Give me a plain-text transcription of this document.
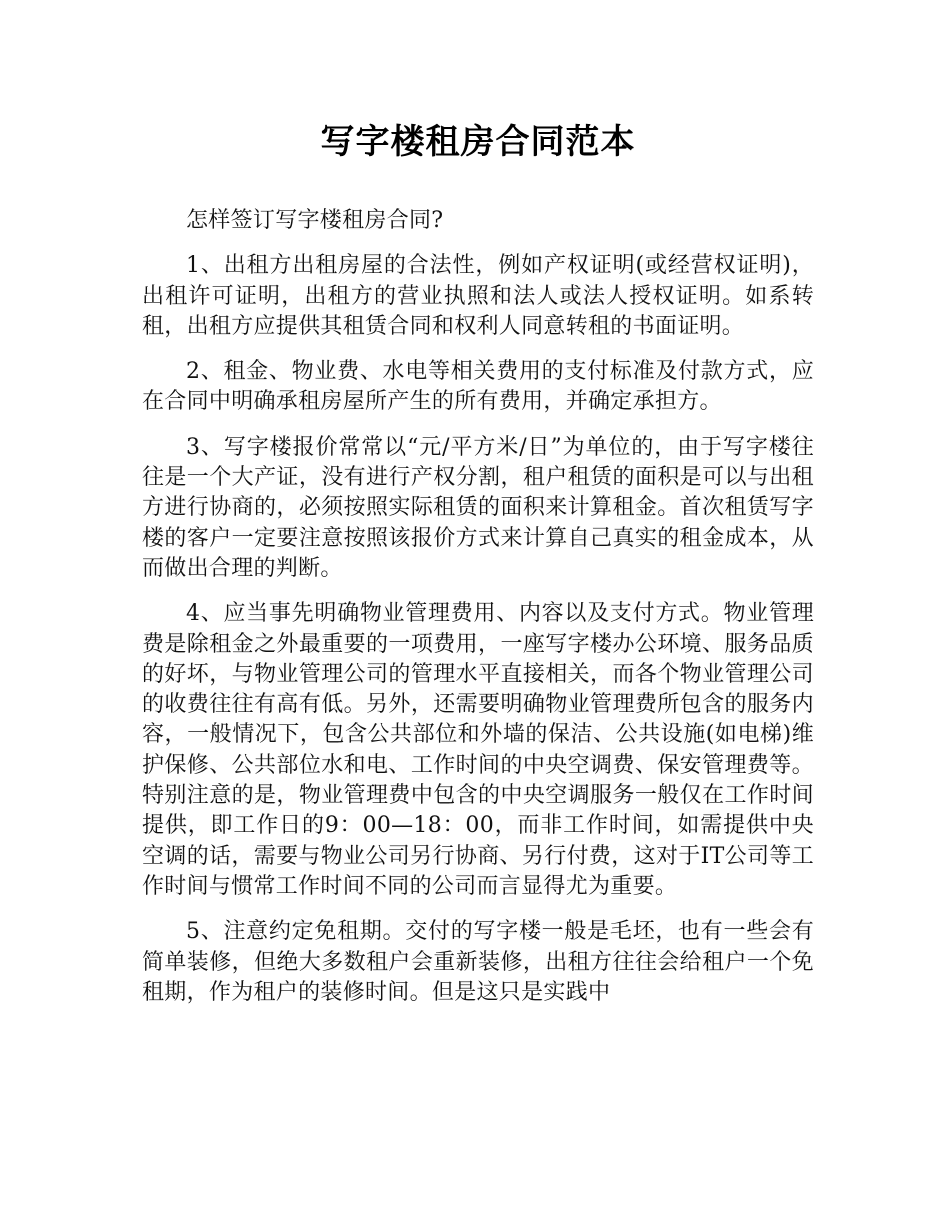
写字楼租房合同范本

怎样签订写字楼租房合同?

1、出租方出租房屋的合法性，例如产权证明(或经营权证明)，出租许可证明，出租方的营业执照和法人或法人授权证明。如系转租，出租方应提供其租赁合同和权利人同意转租的书面证明。

2、租金、物业费、水电等相关费用的支付标准及付款方式，应在合同中明确承租房屋所产生的所有费用，并确定承担方。

3、写字楼报价常常以“元/平方米/日”为单位的，由于写字楼往往是一个大产证，没有进行产权分割，租户租赁的面积是可以与出租方进行协商的，必须按照实际租赁的面积来计算租金。首次租赁写字楼的客户一定要注意按照该报价方式来计算自己真实的租金成本，从而做出合理的判断。

4、应当事先明确物业管理费用、内容以及支付方式。物业管理费是除租金之外最重要的一项费用，一座写字楼办公环境、服务品质的好坏，与物业管理公司的管理水平直接相关，而各个物业管理公司的收费往往有高有低。另外，还需要明确物业管理费所包含的服务内容，一般情况下，包含公共部位和外墙的保洁、公共设施(如电梯)维护保修、公共部位水和电、工作时间的中央空调费、保安管理费等。特别注意的是，物业管理费中包含的中央空调服务一般仅在工作时间提供，即工作日的9：00—18：00，而非工作时间，如需提供中央空调的话，需要与物业公司另行协商、另行付费，这对于IT公司等工作时间与惯常工作时间不同的公司而言显得尤为重要。

5、注意约定免租期。交付的写字楼一般是毛坯，也有一些会有简单装修，但绝大多数租户会重新装修，出租方往往会给租户一个免租期，作为租户的装修时间。但是这只是实践中
